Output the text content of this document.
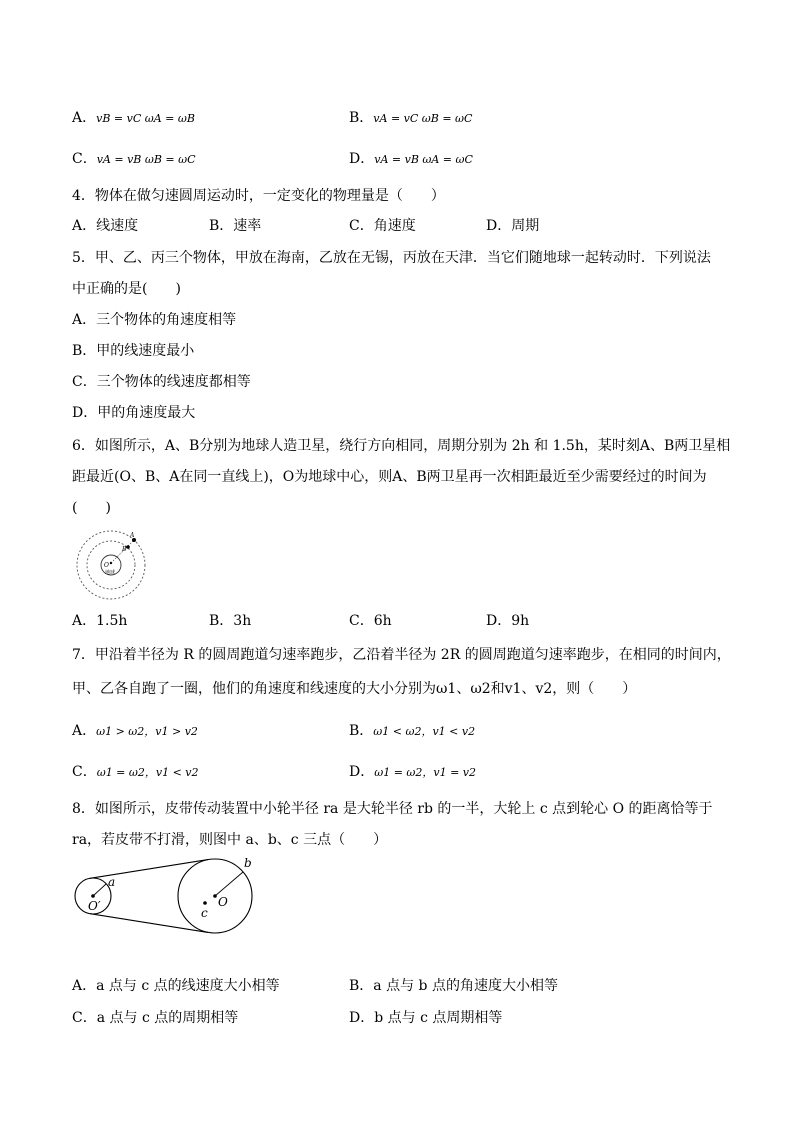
A．vB = vC ωA = ωB	B．vA = vC ωB = ωC
C．vA = vB ωB = ωC	D．vA = vB ωA = ωC
4．物体在做匀速圆周运动时，一定变化的物理量是（　　）
A．线速度	B．速率	C．角速度	D．周期
5．甲、乙、丙三个物体，甲放在海南，乙放在无锡，丙放在天津．当它们随地球一起转动时．下列说法
中正确的是(　　)
A．三个物体的角速度相等
B．甲的线速度最小
C．三个物体的线速度都相等
D．甲的角速度最大
6．如图所示，A、B分别为地球人造卫星，绕行方向相同，周期分别为 2h 和 1.5h，某时刻A、B两卫星相
距最近(O、B、A在同一直线上)，O为地球中心，则A、B两卫星再一次相距最近至少需要经过的时间为
(　　)
A
B
O
地球
A．1.5h	B．3h	C．6h	D．9h
7．甲沿着半径为 R 的圆周跑道匀速率跑步，乙沿着半径为 2R 的圆周跑道匀速率跑步，在相同的时间内，
甲、乙各自跑了一圈，他们的角速度和线速度的大小分别为ω1、ω2和v1、v2，则（　　）
A．ω1 > ω2，v1 > v2	B．ω1 < ω2，v1 < v2
C．ω1 = ω2，v1 < v2	D．ω1 = ω2，v1 = v2
8．如图所示，皮带传动装置中小轮半径 ra 是大轮半径 rb 的一半，大轮上 c 点到轮心 O 的距离恰等于
ra，若皮带不打滑，则图中 a、b、c 三点（　　）
a
b
c
O′	O
A．a 点与 c 点的线速度大小相等	B．a 点与 b 点的角速度大小相等
C．a 点与 c 点的周期相等	D．b 点与 c 点周期相等
